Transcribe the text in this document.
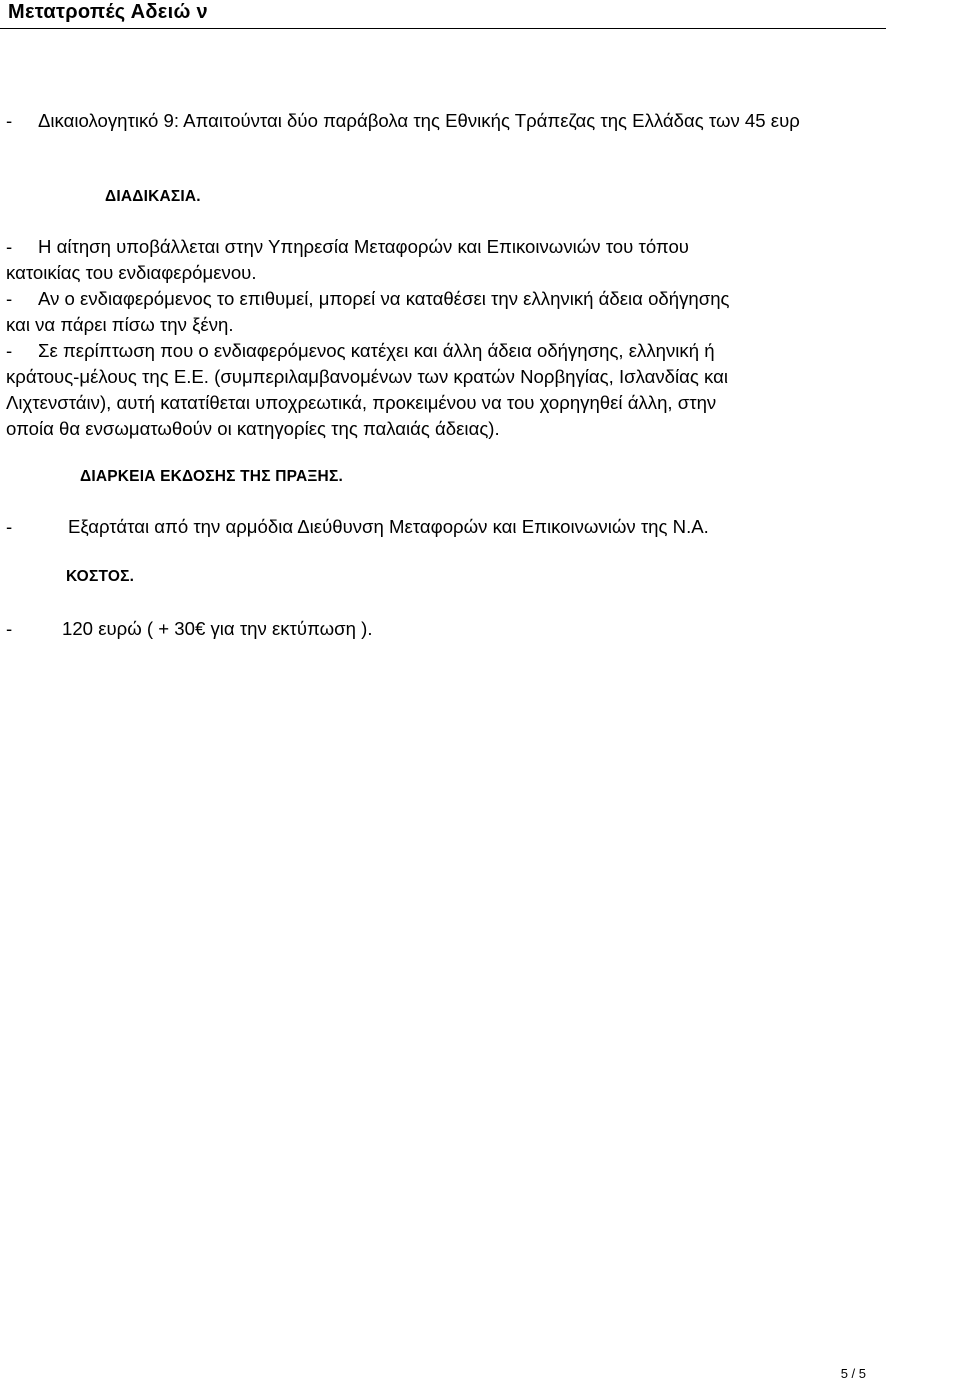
Μετατροπές Αδειώ ν
- Δικαιολογητικό 9: Απαιτούνται δύο παράβολα της Εθνικής Τράπεζας της Ελλάδας των 45 ευρ
ΔΙΑΔΙΚΑΣΙΑ.
- Η αίτηση υποβάλλεται στην Υπηρεσία Μεταφορών και Επικοινωνιών του τόπου
κατοικίας του ενδιαφερόμενου.
- Αν ο ενδιαφερόμενος το επιθυμεί, μπορεί να καταθέσει την ελληνική άδεια οδήγησης
και να πάρει πίσω την ξένη.
- Σε περίπτωση που ο ενδιαφερόμενος κατέχει και άλλη άδεια οδήγησης, ελληνική ή
κράτους-μέλους της Ε.Ε. (συμπεριλαμβανομένων των κρατών Νορβηγίας, Ισλανδίας και
Λιχτενστάιν), αυτή κατατίθεται υποχρεωτικά, προκειμένου να του χορηγηθεί άλλη, στην
οποία θα ενσωματωθούν οι κατηγορίες της παλαιάς άδειας).
ΔΙΑΡΚΕΙΑ ΕΚΔΟΣΗΣ ΤΗΣ ΠΡΑΞΗΣ.
-	Εξαρτάται από την αρμόδια Διεύθυνση Μεταφορών και Επικοινωνιών της Ν.Α.
ΚΟΣΤΟΣ.
-	120 ευρώ ( + 30€ για την εκτύπωση ).
5 / 5
